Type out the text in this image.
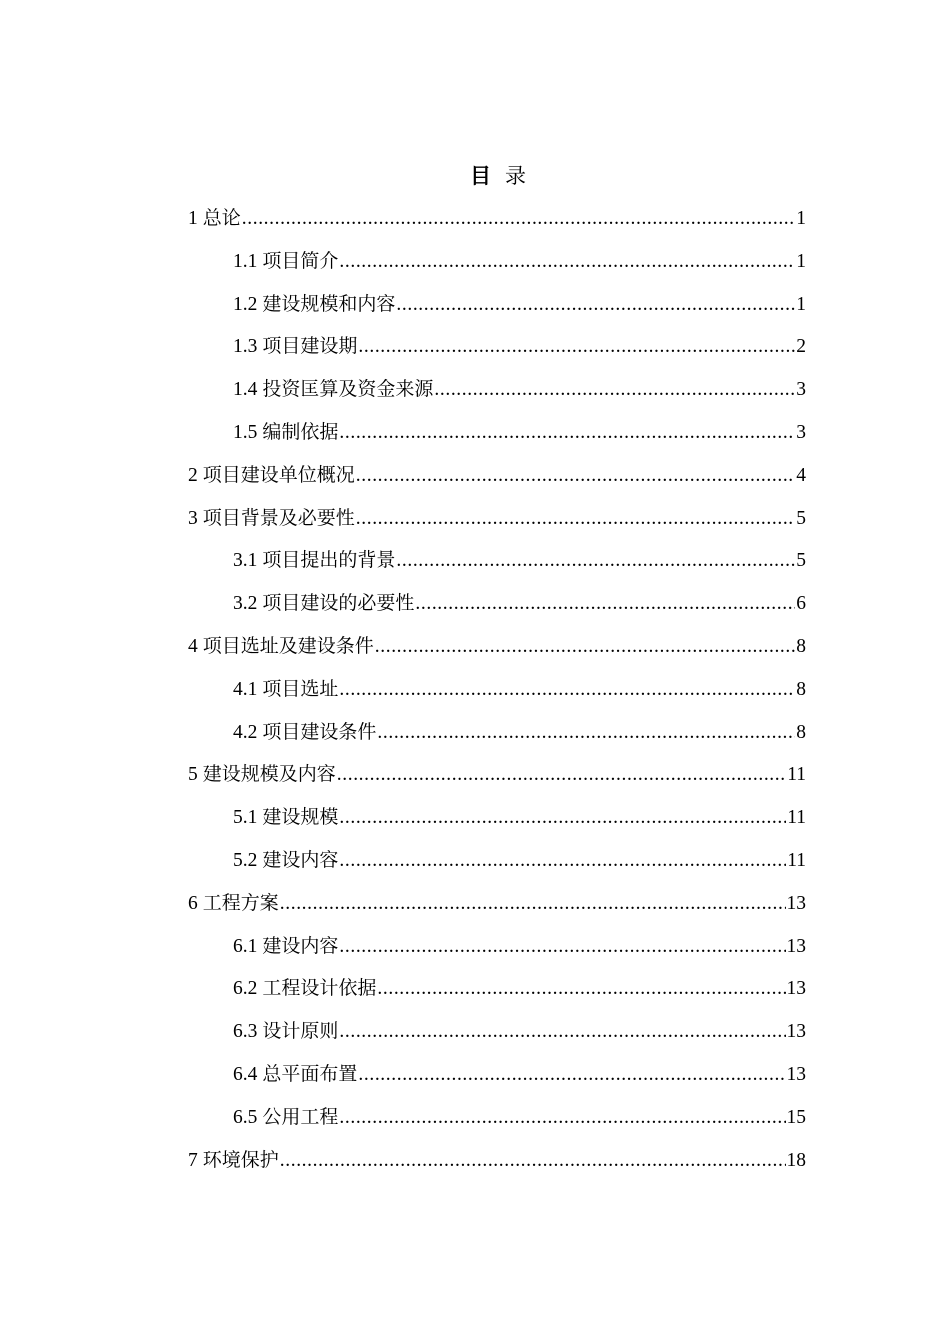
目 录
1 总论 .....	1
1.1 项目简介 .....	1
1.2 建设规模和内容 .....	1
1.3 项目建设期 .....	2
1.4 投资匡算及资金来源 .....	3
1.5 编制依据 .....	3
2 项目建设单位概况 .....	4
3 项目背景及必要性 .....	5
3.1 项目提出的背景 .....	5
3.2 项目建设的必要性 .....	6
4 项目选址及建设条件 .....	8
4.1 项目选址 .....	8
4.2 项目建设条件 .....	8
5 建设规模及内容 .....	11
5.1 建设规模 .....	11
5.2 建设内容 .....	11
6 工程方案 .....	13
6.1 建设内容 .....	13
6.2 工程设计依据 .....	13
6.3 设计原则 .....	13
6.4 总平面布置 .....	13
6.5 公用工程 .....	15
7 环境保护 .....	18
